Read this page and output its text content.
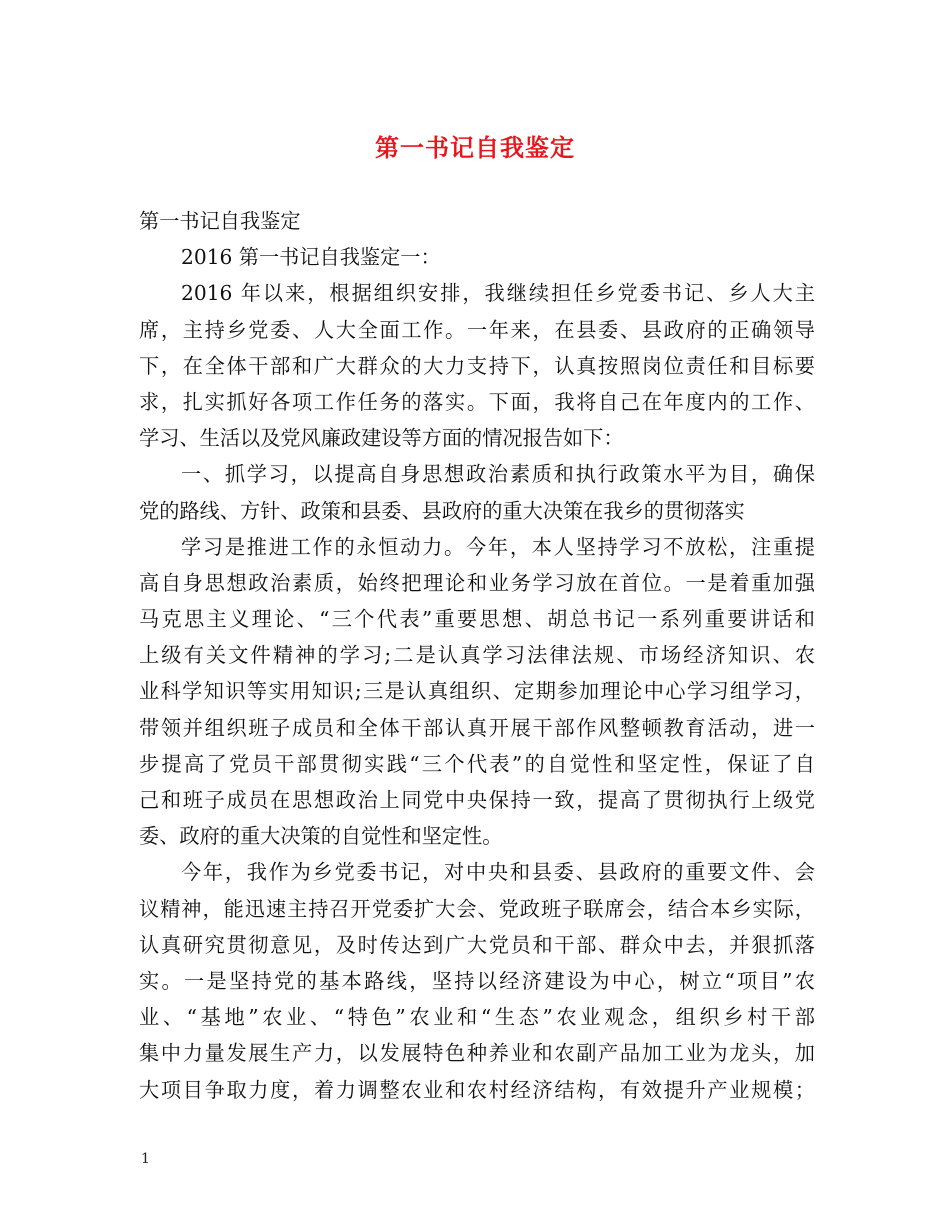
第一书记自我鉴定
第一书记自我鉴定
2016 第一书记自我鉴定一：
2016 年以来，根据组织安排，我继续担任乡党委书记、乡人大主
席，主持乡党委、人大全面工作。一年来，在县委、县政府的正确领导
下，在全体干部和广大群众的大力支持下，认真按照岗位责任和目标要
求，扎实抓好各项工作任务的落实。下面，我将自己在年度内的工作、
学习、生活以及党风廉政建设等方面的情况报告如下：
一、抓学习，以提高自身思想政治素质和执行政策水平为目，确保
党的路线、方针、政策和县委、县政府的重大决策在我乡的贯彻落实
学习是推进工作的永恒动力。今年，本人坚持学习不放松，注重提
高自身思想政治素质，始终把理论和业务学习放在首位。一是着重加强
马克思主义理论、“三个代表”重要思想、胡总书记一系列重要讲话和
上级有关文件精神的学习;二是认真学习法律法规、市场经济知识、农
业科学知识等实用知识;三是认真组织、定期参加理论中心学习组学习，
带领并组织班子成员和全体干部认真开展干部作风整顿教育活动，进一
步提高了党员干部贯彻实践“三个代表”的自觉性和坚定性，保证了自
己和班子成员在思想政治上同党中央保持一致，提高了贯彻执行上级党
委、政府的重大决策的自觉性和坚定性。
今年，我作为乡党委书记，对中央和县委、县政府的重要文件、会
议精神，能迅速主持召开党委扩大会、党政班子联席会，结合本乡实际，
认真研究贯彻意见，及时传达到广大党员和干部、群众中去，并狠抓落
实。一是坚持党的基本路线，坚持以经济建设为中心，树立“项目”农
业、“基地”农业、“特色”农业和“生态”农业观念，组织乡村干部
集中力量发展生产力，以发展特色种养业和农副产品加工业为龙头，加
大项目争取力度，着力调整农业和农村经济结构，有效提升产业规模；
1
